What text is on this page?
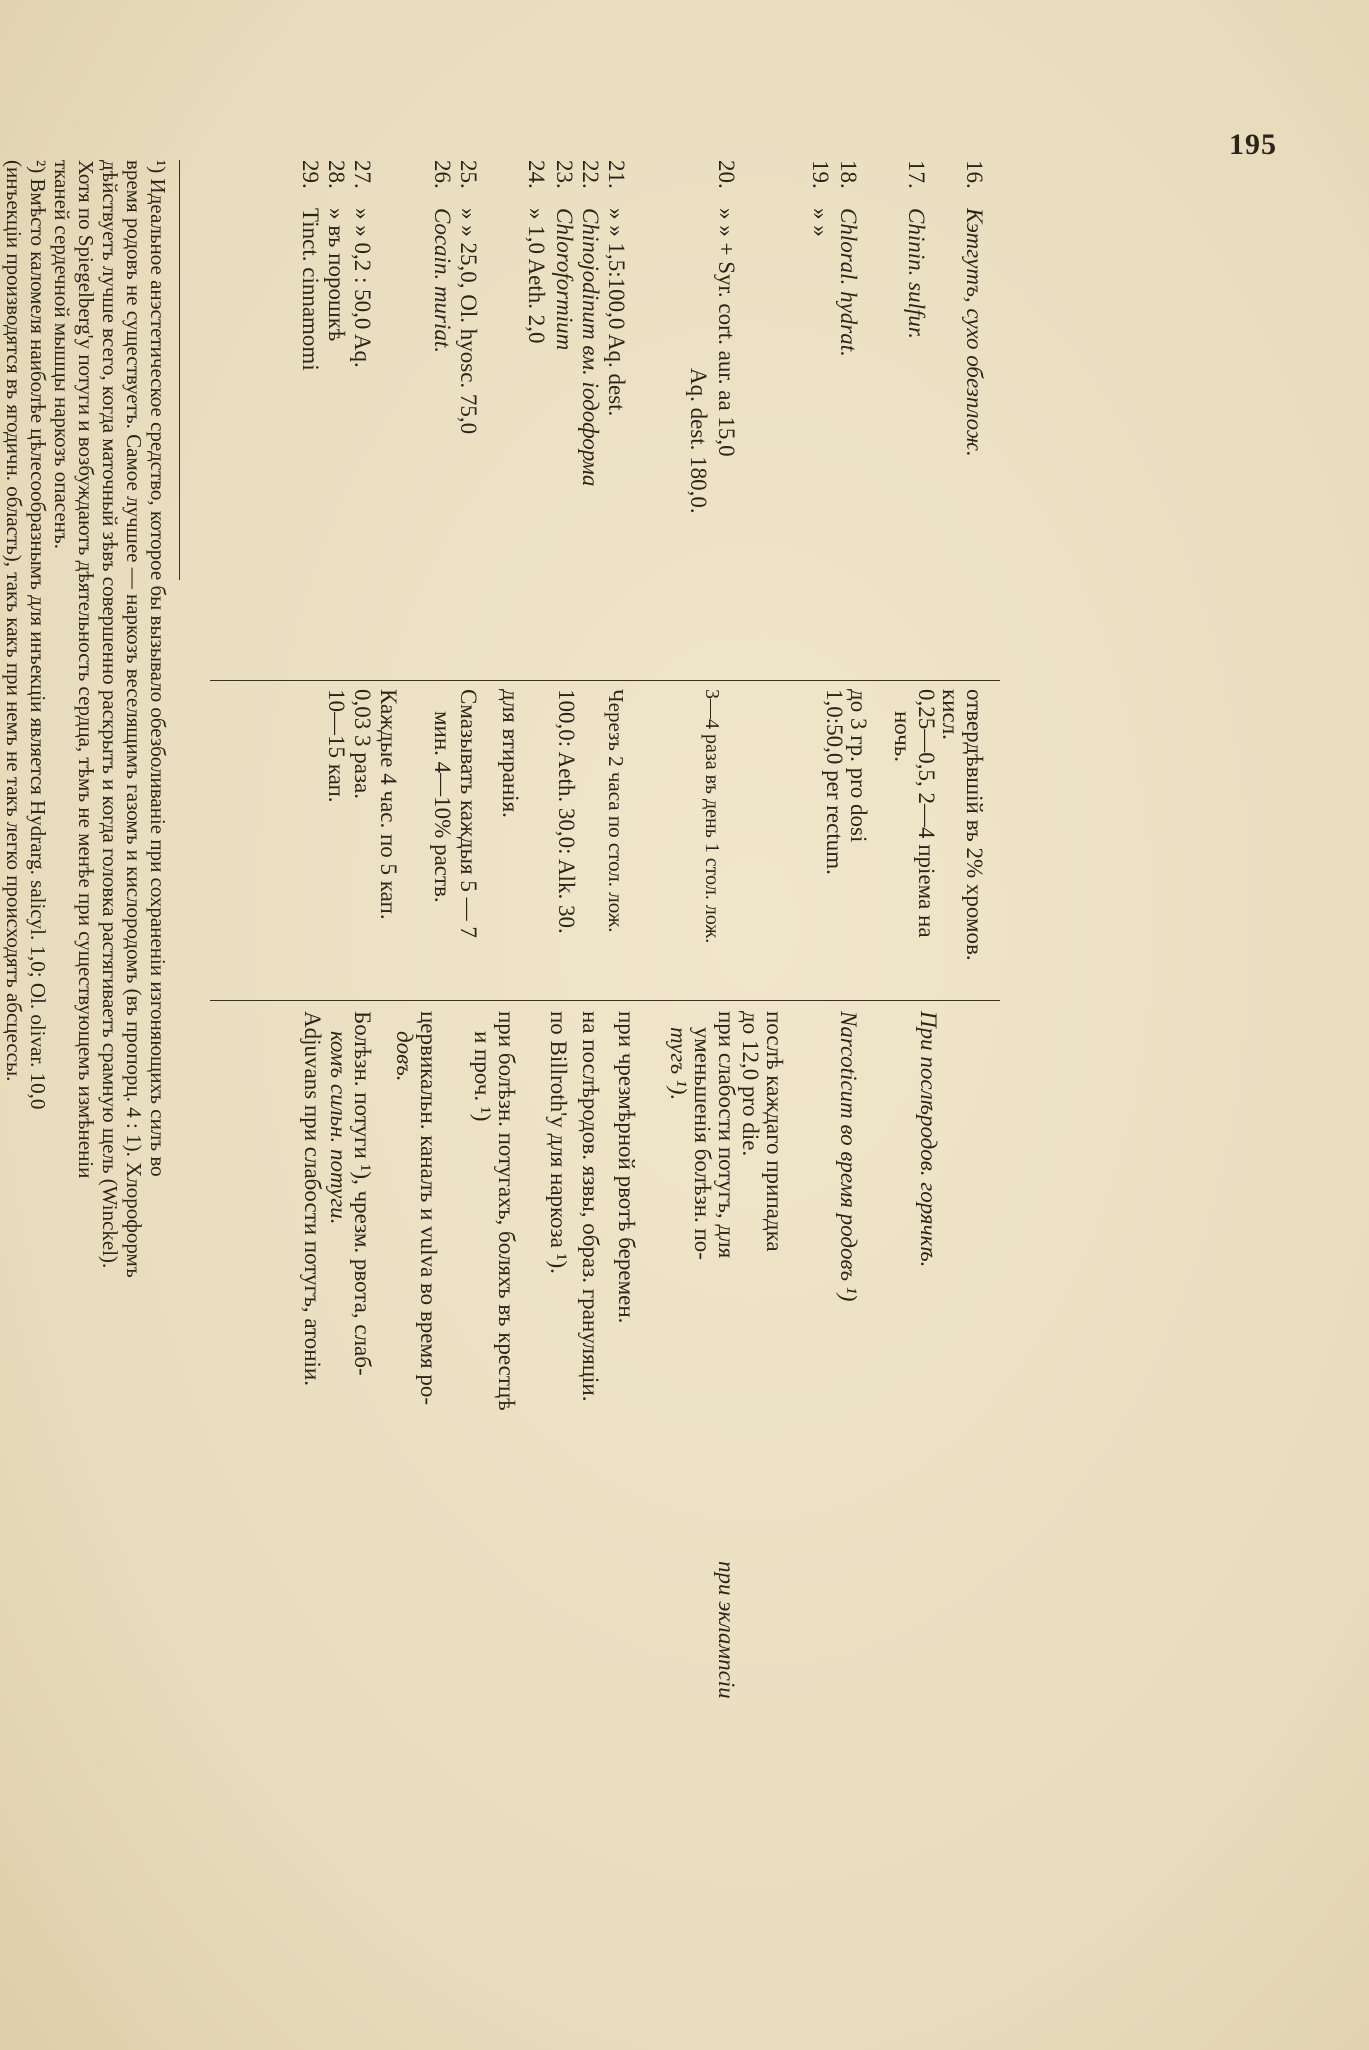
195
16.Кэтгутъ, сухо обезплож.
17.Chinin. sulfur.
18.Chloral. hydrat.
19.» »
20.» » + Syr. cort. aur. aa 15,0
Aq. dest. 180,0.
21.» » 1,5:100,0 Aq. dest.
22.Chinojodinum вм. іодоформа
23.Chloroformium
24.» 1,0 Aeth. 2,0
25.» » 25,0, Ol. hyosc. 75,0
26.Cocain. muriat.
27.» » 0,2 : 50,0 Aq.
28.» въ порошкѣ
29.Tinct. cinnamomi
отвердѣвшій въ 2% хромов.
кисл.
0,25—0,5, 2—4 пріема на
ночь.
до 3 гр. pro dosi
1,0:50,0 per rectum.
3—4 раза въ день 1 стол. лож.
Черезъ 2 часа по стол. лож.
100,0: Aeth. 30,0: Alk. 30.
для втиранія.
Смазывать каждыя 5 — 7
мин. 4—10% раств.
Каждые 4 час. по 5 кап.
0,03 3 раза.
10—15 кап.
При послѣродов. горячкѣ.
Narcoticum во время родовъ ¹)
послѣ каждаго припадка
до 12,0 pro die.
при слабости потугъ, для
уменьшенія болѣзн. по-
тугъ ¹).
при эклампсіи
при чрезмѣрной рвотѣ беремен.
на послѣродов. язвы, образ. грануляціи.
по Billroth'у для наркоза ¹).
при болѣзн. потугахъ, боляхъ въ крестцѣ
и проч. ¹)
цервикальн. каналъ и vulva во время ро-
довъ.
Болѣзн. потуги ¹), чрезм. рвота, слаб-
комъ сильн. потуги.
Adjuvans при слабости потугъ, атоніи.
¹) Идеальное анэстетическое средство, которое бы вызывало обезболиваніе при сохраненіи изгоняющихъ силъ во
время родовъ не существуетъ. Самое лучшее — наркозъ веселящимъ газомъ и кислородомъ (въ пропорц. 4 : 1). Хлороформъ
дѣйствуетъ лучше всего, когда маточный зѣвъ совершенно раскрытъ и когда головка растягиваетъ срамную щель (Winckel).
Хотя по Spiegelberg'у потуги и возбуждаютъ дѣятельность сердца, тѣмъ не менѣе при существующемъ измѣненіи
тканей сердечной мышцы наркозъ опасенъ.
²) Вмѣсто каломеля наиболѣе цѣлесообразнымъ для инъекціи является Hydrarg. salicyl. 1,0; Ol. olivar. 10,0
(инъекціи производятся въ ягодичн. область), такъ какъ при немъ не такъ легко происходятъ абсцессы.
